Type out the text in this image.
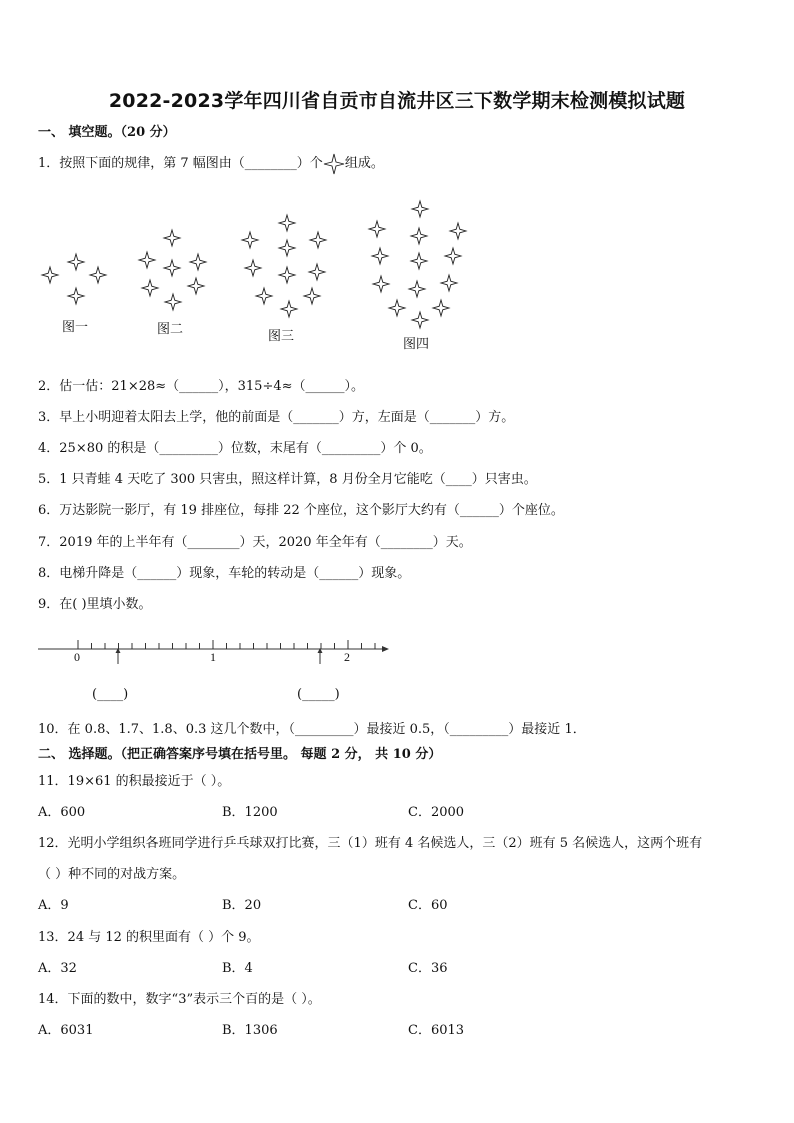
2022-2023学年四川省自贡市自流井区三下数学期末检测模拟试题
一、 填空题。（20 分）
1．按照下面的规律，第 7 幅图由（________）个 组成。
图一	图二	图三
图四
2．估一估：21×28≈（______），315÷4≈（______）。
3．早上小明迎着太阳去上学，他的前面是（_______）方，左面是（_______）方。
4．25×80 的积是（_________）位数，末尾有（_________）个 0。
5．1 只青蛙 4 天吃了 300 只害虫，照这样计算，8 月份全月它能吃（____）只害虫。
6．万达影院一影厅，有 19 排座位，每排 22 个座位，这个影厅大约有（______）个座位。
7．2019 年的上半年有（________）天，2020 年全年有（________）天。
8．电梯升降是（______）现象，车轮的转动是（______）现象。
9．在( )里填小数。
0	1	2
(____)	(_____)
10．在 0.8、1.7、1.8、0.3 这几个数中，（_________）最接近 0.5，（_________）最接近 1．
二、 选择题。（把正确答案序号填在括号里。 每题 2 分， 共 10 分）
11．19×61 的积最接近于（ ）。
A．600	B．1200	C．2000
12．光明小学组织各班同学进行乒乓球双打比赛，三（1）班有 4 名候选人，三（2）班有 5 名候选人，这两个班有
（ ）种不同的对战方案。
A．9	B．20	C．60
13．24 与 12 的积里面有（ ）个 9。
A．32	B．4	C．36
14．下面的数中，数字“3”表示三个百的是（ ）。
A．6031	B．1306	C．6013
